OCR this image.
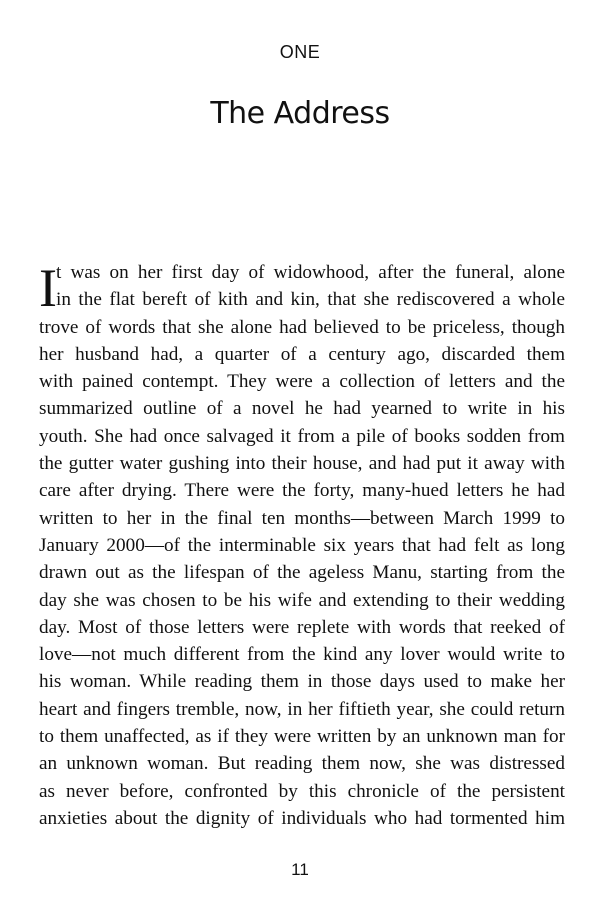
ONE
The Address
I t was on her first day of widowhood, after the funeral, alone
in the flat bereft of kith and kin, that she rediscovered a whole
trove of words that she alone had believed to be priceless, though
her husband had, a quarter of a century ago, discarded them
with pained contempt. They were a collection of letters and the
summarized outline of a novel he had yearned to write in his
youth. She had once salvaged it from a pile of books sodden from
the gutter water gushing into their house, and had put it away with
care after drying. There were the forty, many-hued letters he had
written to her in the final ten months—between March 1999 to
January 2000—of the interminable six years that had felt as long
drawn out as the lifespan of the ageless Manu, starting from the
day she was chosen to be his wife and extending to their wedding
day. Most of those letters were replete with words that reeked of
love—not much different from the kind any lover would write to
his woman. While reading them in those days used to make her
heart and fingers tremble, now, in her fiftieth year, she could return
to them unaffected, as if they were written by an unknown man for
an unknown woman. But reading them now, she was distressed
as never before, confronted by this chronicle of the persistent
anxieties about the dignity of individuals who had tormented him
11
